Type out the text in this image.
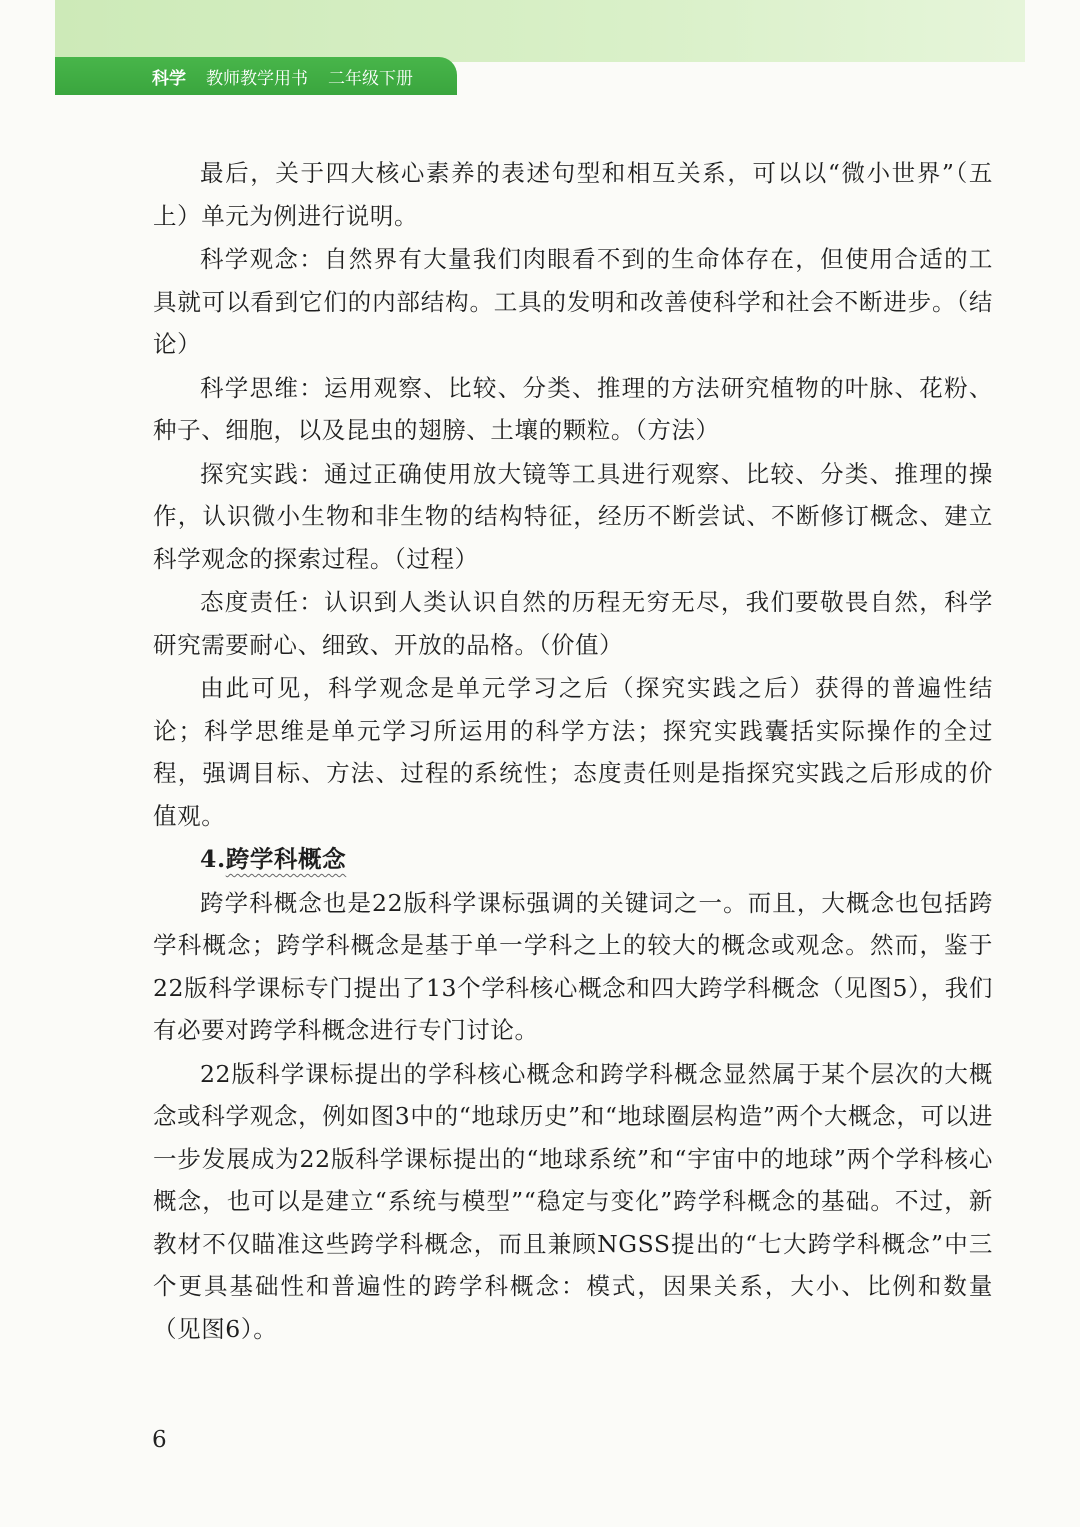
科学 教师教学用书 二年级下册

最后，关于四大核心素养的表述句型和相互关系，可以以“微小世界”（五上）单元为例进行说明。

科学观念：自然界有大量我们肉眼看不到的生命体存在，但使用合适的工具就可以看到它们的内部结构。工具的发明和改善使科学和社会不断进步。（结论）

科学思维：运用观察、比较、分类、推理的方法研究植物的叶脉、花粉、种子、细胞，以及昆虫的翅膀、土壤的颗粒。（方法）

探究实践：通过正确使用放大镜等工具进行观察、比较、分类、推理的操作，认识微小生物和非生物的结构特征，经历不断尝试、不断修订概念、建立科学观念的探索过程。（过程）

态度责任：认识到人类认识自然的历程无穷无尽，我们要敬畏自然，科学研究需要耐心、细致、开放的品格。（价值）

由此可见，科学观念是单元学习之后（探究实践之后）获得的普遍性结论；科学思维是单元学习所运用的科学方法；探究实践囊括实际操作的全过程，强调目标、方法、过程的系统性；态度责任则是指探究实践之后形成的价值观。

4.跨学科概念

跨学科概念也是22版科学课标强调的关键词之一。而且，大概念也包括跨学科概念；跨学科概念是基于单一学科之上的较大的概念或观念。然而，鉴于22版科学课标专门提出了13个学科核心概念和四大跨学科概念（见图5），我们有必要对跨学科概念进行专门讨论。

22版科学课标提出的学科核心概念和跨学科概念显然属于某个层次的大概念或科学观念，例如图3中的“地球历史”和“地球圈层构造”两个大概念，可以进一步发展成为22版科学课标提出的“地球系统”和“宇宙中的地球”两个学科核心概念，也可以是建立“系统与模型”“稳定与变化”跨学科概念的基础。不过，新教材不仅瞄准这些跨学科概念，而且兼顾NGSS提出的“七大跨学科概念”中三个更具基础性和普遍性的跨学科概念：模式，因果关系，大小、比例和数量（见图6）。

6
